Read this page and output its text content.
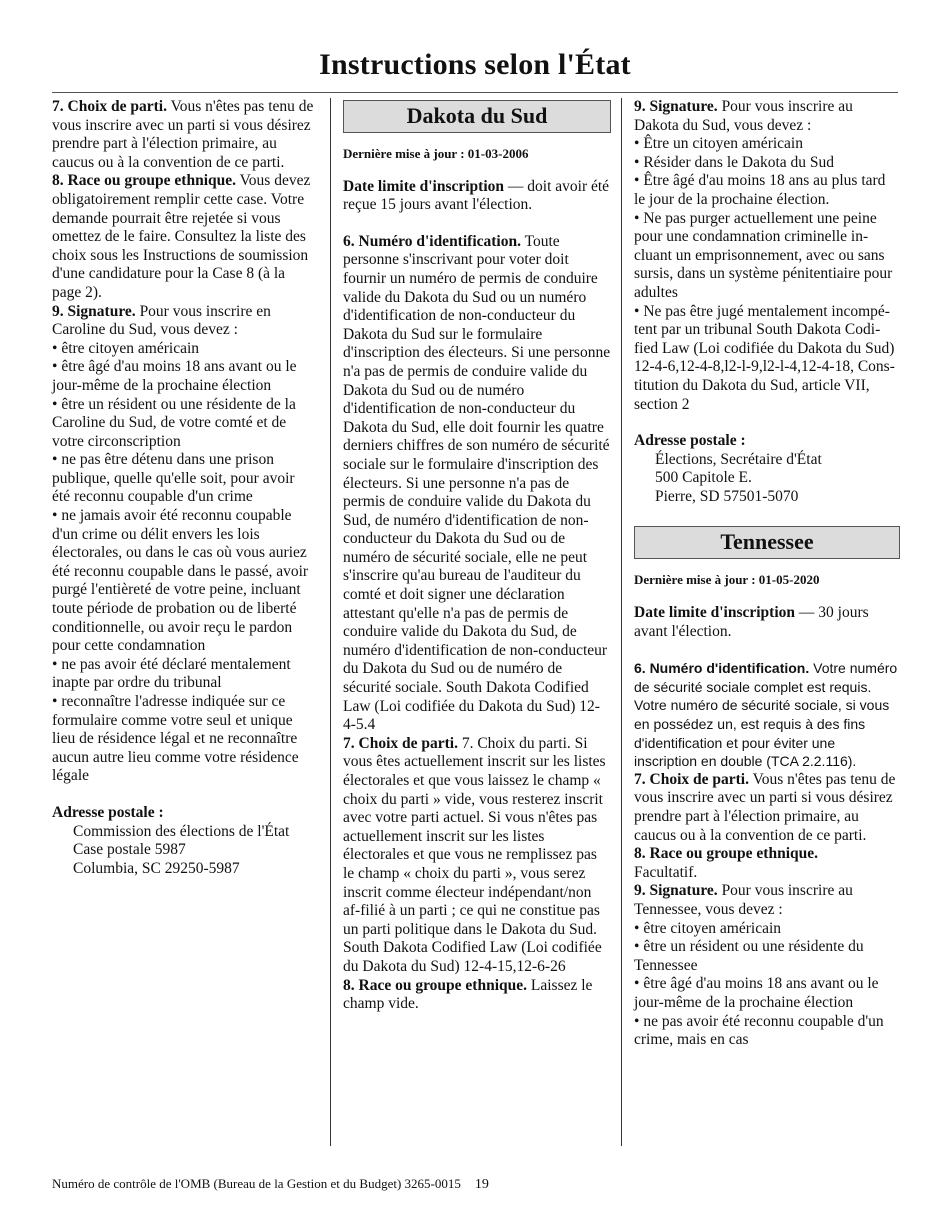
Instructions selon l'État

7. Choix de parti. Vous n'êtes pas tenu de vous inscrire avec un parti si vous désirez prendre part à l'élection primaire, au caucus ou à la convention de ce parti.

8. Race ou groupe ethnique. Vous devez obligatoirement remplir cette case. Votre demande pourrait être rejetée si vous omettez de le faire. Consultez la liste des choix sous les Instructions de soumission d'une candidature pour la Case 8 (à la page 2).

9. Signature. Pour vous inscrire en Caroline du Sud, vous devez :

• être citoyen américain

• être âgé d'au moins 18 ans avant ou le jour-même de la prochaine élection

• être un résident ou une résidente de la Caroline du Sud, de votre comté et de votre circonscription

• ne pas être détenu dans une prison publique, quelle qu'elle soit, pour avoir été reconnu coupable d'un crime

• ne jamais avoir été reconnu coupable d'un crime ou délit envers les lois électorales, ou dans le cas où vous auriez été reconnu coupable dans le passé, avoir purgé l'entièreté de votre peine, incluant toute période de probation ou de liberté conditionnelle, ou avoir reçu le pardon pour cette condamnation

• ne pas avoir été déclaré mentalement inapte par ordre du tribunal

• reconnaître l'adresse indiquée sur ce formulaire comme votre seul et unique lieu de résidence légal et ne reconnaître aucun autre lieu comme votre résidence légale

Adresse postale :

Commission des élections de l'État

Case postale 5987

Columbia, SC 29250-5987

Dakota du Sud
Dernière mise à jour : 01-03-2006

Date limite d'inscription — doit avoir été reçue 15 jours avant l'élection.

6. Numéro d'identification. Toute personne s'inscrivant pour voter doit fournir un numéro de permis de conduire valide du Dakota du Sud ou un numéro d'identification de non-conducteur du Dakota du Sud sur le formulaire d'inscription des électeurs. Si une personne n'a pas de permis de conduire valide du Dakota du Sud ou de numéro d'identification de non-conducteur du Dakota du Sud, elle doit fournir les quatre derniers chiffres de son numéro de sécurité sociale sur le formulaire d'inscription des électeurs. Si une personne n'a pas de permis de conduire valide du Dakota du Sud, de numéro d'identification de non-conducteur du Dakota du Sud ou de numéro de sécurité sociale, elle ne peut s'inscrire qu'au bureau de l'auditeur du comté et doit signer une déclaration attestant qu'elle n'a pas de permis de conduire valide du Dakota du Sud, de numéro d'identification de non-conducteur du Dakota du Sud ou de numéro de sécurité sociale. South Dakota Codified Law (Loi codifiée du Dakota du Sud) 12-4-5.4

7. Choix de parti. 7. Choix du parti. Si vous êtes actuellement inscrit sur les listes électorales et que vous laissez le champ « choix du parti » vide, vous resterez inscrit avec votre parti actuel. Si vous n'êtes pas actuellement inscrit sur les listes électorales et que vous ne remplissez pas le champ « choix du parti », vous serez inscrit comme électeur indépendant/non af-filié à un parti ; ce qui ne constitue pas un parti politique dans le Dakota du Sud. South Dakota Codified Law (Loi codifiée du Dakota du Sud) 12-4-15,12-6-26

8. Race ou groupe ethnique. Laissez le champ vide.

9. Signature. Pour vous inscrire au Dakota du Sud, vous devez :

• Être un citoyen américain

• Résider dans le Dakota du Sud

• Être âgé d'au moins 18 ans au plus tard le jour de la prochaine élection.

• Ne pas purger actuellement une peine pour une condamnation criminelle in-cluant un emprisonnement, avec ou sans sursis, dans un système pénitentiaire pour adultes

• Ne pas être jugé mentalement incompé-tent par un tribunal South Dakota Codi-fied Law (Loi codifiée du Dakota du Sud) 12-4-6,12-4-8,l2-l-9,l2-l-4,12-4-18, Cons-titution du Dakota du Sud, article VII, section 2

Adresse postale :

Élections, Secrétaire d'État

500 Capitole E.

Pierre, SD 57501-5070

Tennessee
Dernière mise à jour : 01-05-2020

Date limite d'inscription — 30 jours avant l'élection.

6. Numéro d'identification. Votre numéro de sécurité sociale complet est requis. Votre numéro de sécurité sociale, si vous en possédez un, est requis à des fins d'identification et pour éviter une inscription en double (TCA 2.2.116).

7. Choix de parti. Vous n'êtes pas tenu de vous inscrire avec un parti si vous désirez prendre part à l'élection primaire, au caucus ou à la convention de ce parti.

8. Race ou groupe ethnique.

Facultatif.

9. Signature. Pour vous inscrire au Tennessee, vous devez :

• être citoyen américain

• être un résident ou une résidente du Tennessee

• être âgé d'au moins 18 ans avant ou le jour-même de la prochaine élection

• ne pas avoir été reconnu coupable d'un crime, mais en cas

Numéro de contrôle de l'OMB (Bureau de la Gestion et du Budget) 3265-0015 19
